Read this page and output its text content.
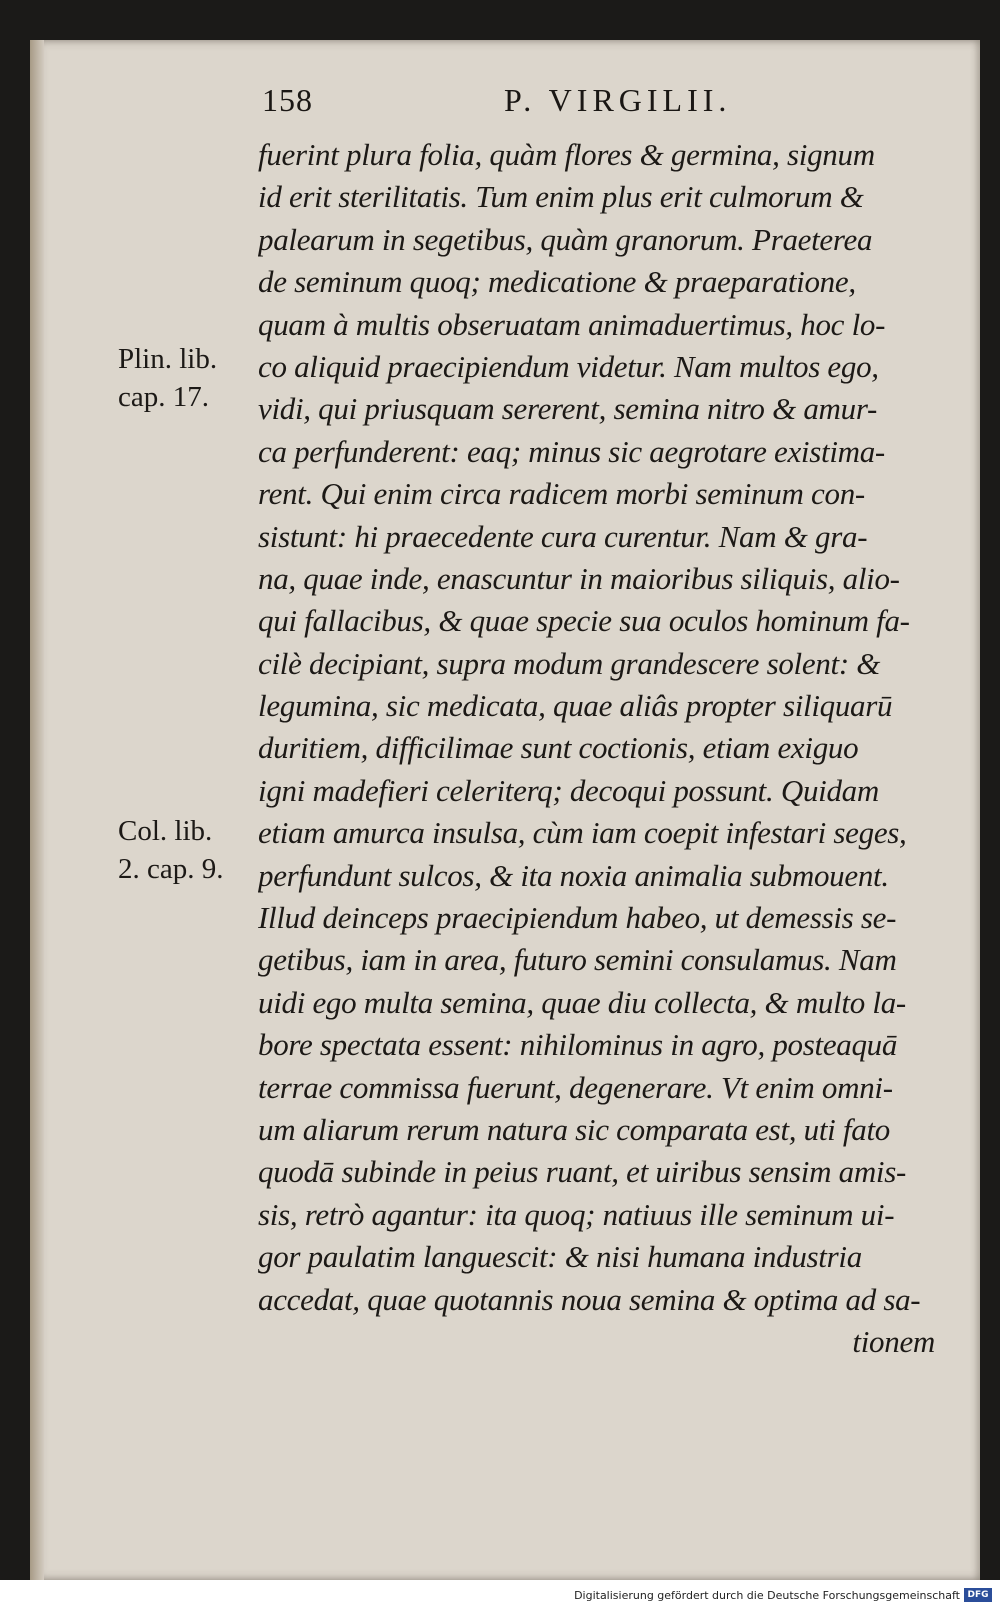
158	P. VIRGILII.
Plin. lib.
cap. 17.
Col. lib.
2. cap. 9.
fuerint plura folia, quàm flores & germina, signum
id erit sterilitatis. Tum enim plus erit culmorum &
palearum in segetibus, quàm granorum. Praeterea
de seminum quoq; medicatione & praeparatione,
quam à multis obseruatam animaduertimus, hoc lo-
co aliquid praecipiendum videtur. Nam multos ego,
vidi, qui priusquam sererent, semina nitro & amur-
ca perfunderent: eaq; minus sic aegrotare existima-
rent. Qui enim circa radicem morbi seminum con-
sistunt: hi praecedente cura curentur. Nam & gra-
na, quae inde, enascuntur in maioribus siliquis, alio-
qui fallacibus, & quae specie sua oculos hominum fa-
cilè decipiant, supra modum grandescere solent: &
legumina, sic medicata, quae aliâs propter siliquarū
duritiem, difficilimae sunt coctionis, etiam exiguo
igni madefieri celeriterq; decoqui possunt. Quidam
etiam amurca insulsa, cùm iam coepit infestari seges,
perfundunt sulcos, & ita noxia animalia submouent.
Illud deinceps praecipiendum habeo, ut demessis se-
getibus, iam in area, futuro semini consulamus. Nam
uidi ego multa semina, quae diu collecta, & multo la-
bore spectata essent: nihilominus in agro, posteaquā
terrae commissa fuerunt, degenerare. Vt enim omni-
um aliarum rerum natura sic comparata est, uti fato
quodā subinde in peius ruant, et uiribus sensim amis-
sis, retrò agantur: ita quoq; natiuus ille seminum ui-
gor paulatim languescit: & nisi humana industria
accedat, quae quotannis noua semina & optima ad sa-
tionem
Digitalisierung gefördert durch die Deutsche Forschungsgemeinschaft DFG
